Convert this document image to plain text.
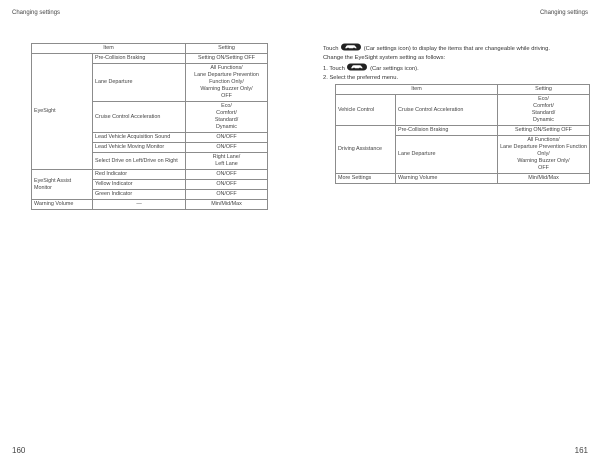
Changing settings	Changing settings
Item		Setting
EyeSight	Pre-Collision Braking	Setting ON/Setting OFF
	Lane Departure	All Functions/
Lane Departure Prevention Function Only/
Warning Buzzer Only/
OFF
	Cruise Control Acceleration	Eco/
Comfort/
Standard/
Dynamic
	Lead Vehicle Acquisition Sound	ON/OFF
	Lead Vehicle Moving Monitor	ON/OFF
	Select Drive on Left/Drive on Right	Right Lane/
Left Lane
EyeSight Assist Monitor	Red Indicator	ON/OFF
	Yellow Indicator	ON/OFF
	Green Indicator	ON/OFF
Warning Volume	—	Min/Mid/Max

Touch	(Car settings icon) to display the items that are changeable while driving.

Change the EyeSight system setting as follows:

1. Touch	(Car settings icon).

2. Select the preferred menu.

Item		Setting
Vehicle Control	Cruise Control Acceleration	Eco/
Comfort/
Standard/
Dynamic
Driving Assistance	Pre-Collision Braking	Setting ON/Setting OFF
	Lane Departure	All Functions/
Lane Departure Prevention Function Only/
Warning Buzzer Only/
OFF
More Settings	Warning Volume	Min/Mid/Max
160	161
